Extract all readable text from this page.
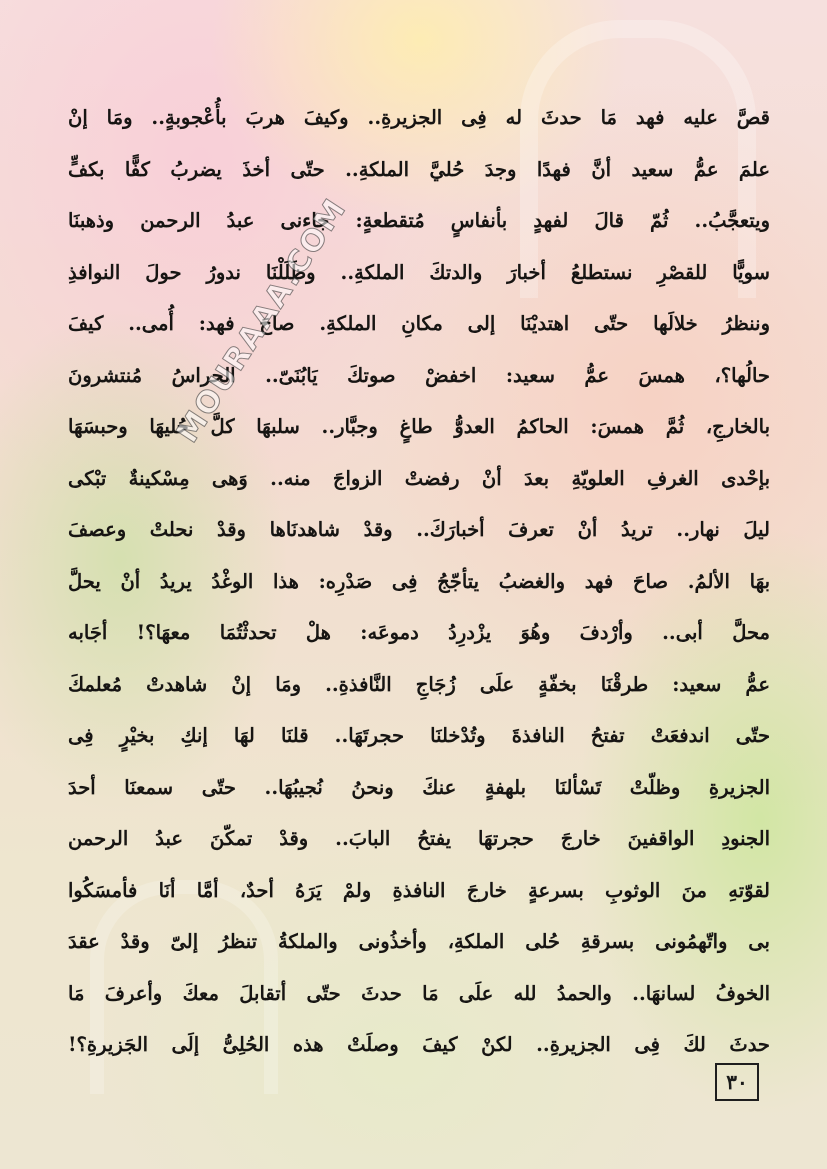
قصَّ عليه فهد مَا حدثَ له فِى الجزيرةِ.. وكيفَ هربَ بأُعْجوبةٍ.. ومَا إنْ
علمَ عمُّ سعيد أنَّ فهدًا وجدَ حُليَّ الملكةِ.. حتّى أخذَ يضربُ كفًّا بكفٍّ
ويتعجَّبُ.. ثُمّ قالَ لفهدٍ بأنفاسٍ مُتقطعةٍ: جاءنى عبدُ الرحمن وذهبنَا
سويًّا للقصْرِ نستطلعُ أخبارَ والدتكَ الملكةِ.. وظَلَلْنَا ندورُ حولَ النوافذِ
وننظرُ خلالَها حتّى اهتديْنَا إلى مكانِ الملكةِ. صاحَ فهد: أُمى.. كيفَ
حالُها؟، همسَ عمُّ سعيد: اخفضْ صوتكَ يَابُنَىّ.. الحراسُ مُنتشرونَ
بالخارجِ، ثُمَّ همسَ: الحاكمُ العدوُّ طاغٍ وجبَّار.. سلبهَا كلَّ حُليهَا وحبسَهَا
بإحْدى الغرفِ العلويّةِ بعدَ أنْ رفضتْ الزواجَ منه.. وَهى مِسْكينةٌ تبْكى
ليلَ نهار.. تريدُ أنْ تعرفَ أخبارَكَ.. وقدْ شاهدنَاها وقدْ نحلتْ وعصفَ
بهَا الألمُ. صاحَ فهد والغضبُ يتأجّجُ فِى صَدْرِه: هذا الوغْدُ يريدُ أنْ يحلَّ
محلَّ أبى.. وأرْدفَ وهُوَ يزْدرِدُ دموعَه: هلْ تحدثْتُمَا معهَا؟! أجَابه
عمُّ سعيد: طرقْنَا بخفّةٍ علَى زُجَاجِ النَّافذةِ.. ومَا إنْ شاهدتْ مُعلمكَ
حتّى اندفعَتْ تفتحُ النافذةَ وتُدْخلنَا حجرتَهَا.. قلنَا لهَا إنكِ بخيْرٍ فِى
الجزيرةِ وظلّتْ تَسْألنَا بلهفةٍ عنكَ ونحنُ نُجيبُهَا.. حتّى سمعنَا أحدَ
الجنودِ الواقفينَ خارجَ حجرتهَا يفتحُ البابَ.. وقدْ تمكّنَ عبدُ الرحمن
لقوّتهِ منَ الوثوبِ بسرعةٍ خارجَ النافذةِ ولمْ يَرَهُ أحدٌ، أمَّا أنَا فأمسَكُوا
بى واتّهمُونى بسرقةِ حُلى الملكةِ، وأخذُونى والملكةُ تنظرُ إلىّ وقدْ عقدَ
الخوفُ لسانهَا.. والحمدُ لله علَى مَا حدثَ حتّى أتقابلَ معكَ وأعرفَ مَا
حدثَ لكَ فِى الجزيرةِ.. لكنْ كيفَ وصلَتْ هذه الحُلِىُّ إلَى الجَزيرةِ؟!
MOURAAA.COM
٣٠
